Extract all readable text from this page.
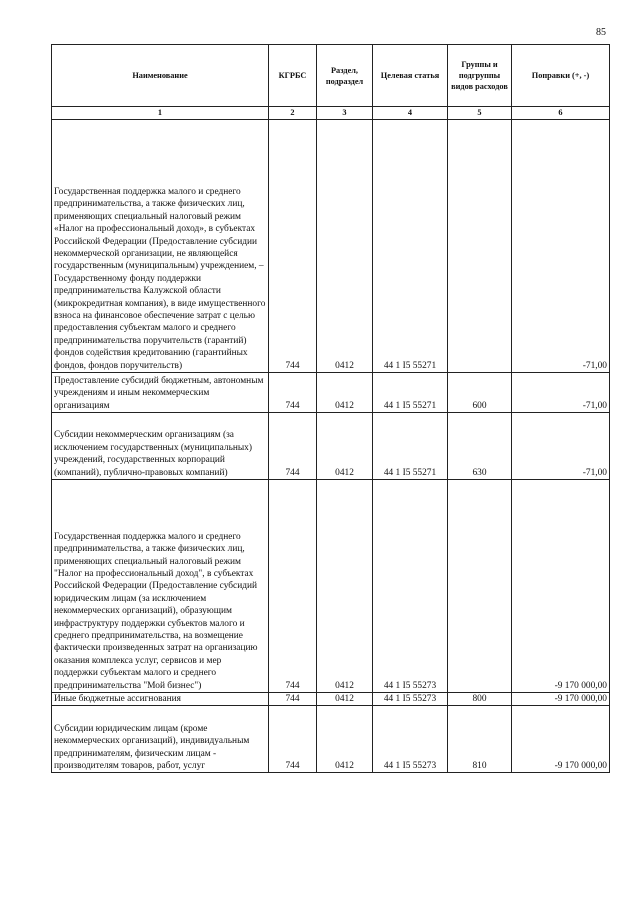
85
Наименование	КГРБС	Раздел, подраздел	Целевая статья	Группы и подгруппы видов расходов	Поправки (+, -)
1	2	3	4	5	6
Государственная поддержка малого и среднего предпринимательства, а также физических лиц, применяющих специальный налоговый режим «Налог на профессиональный доход», в субъектах Российской Федерации (Предоставление субсидии некоммерческой организации, не являющейся государственным (муниципальным) учреждением, – Государственному фонду поддержки предпринимательства Калужской области (микрокредитная компания), в виде имущественного взноса на финансовое обеспечение затрат с целью предоставления субъектам малого и среднего предпринимательства поручительств (гарантий) фондов содействия кредитованию (гарантийных фондов, фондов поручительств)	744	0412	44 1 I5 55271		-71,00
Предоставление субсидий бюджетным, автономным учреждениям и иным некоммерческим организациям	744	0412	44 1 I5 55271	600	-71,00
Субсидии некоммерческим организациям (за исключением государственных (муниципальных) учреждений, государственных корпораций (компаний), публично-правовых компаний)	744	0412	44 1 I5 55271	630	-71,00
Государственная поддержка малого и среднего предпринимательства, а также физических лиц, применяющих специальный налоговый режим "Налог на профессиональный доход", в субъектах Российской Федерации (Предоставление субсидий юридическим лицам (за исключением некоммерческих организаций), образующим инфраструктуру поддержки субъектов малого и среднего предпринимательства, на возмещение фактически произведенных затрат на организацию оказания комплекса услуг, сервисов и мер поддержки субъектам малого и среднего предпринимательства "Мой бизнес")	744	0412	44 1 I5 55273		-9 170 000,00
Иные бюджетные ассигнования	744	0412	44 1 I5 55273	800	-9 170 000,00
Субсидии юридическим лицам (кроме некоммерческих организаций), индивидуальным предпринимателям, физическим лицам - производителям товаров, работ, услуг	744	0412	44 1 I5 55273	810	-9 170 000,00
